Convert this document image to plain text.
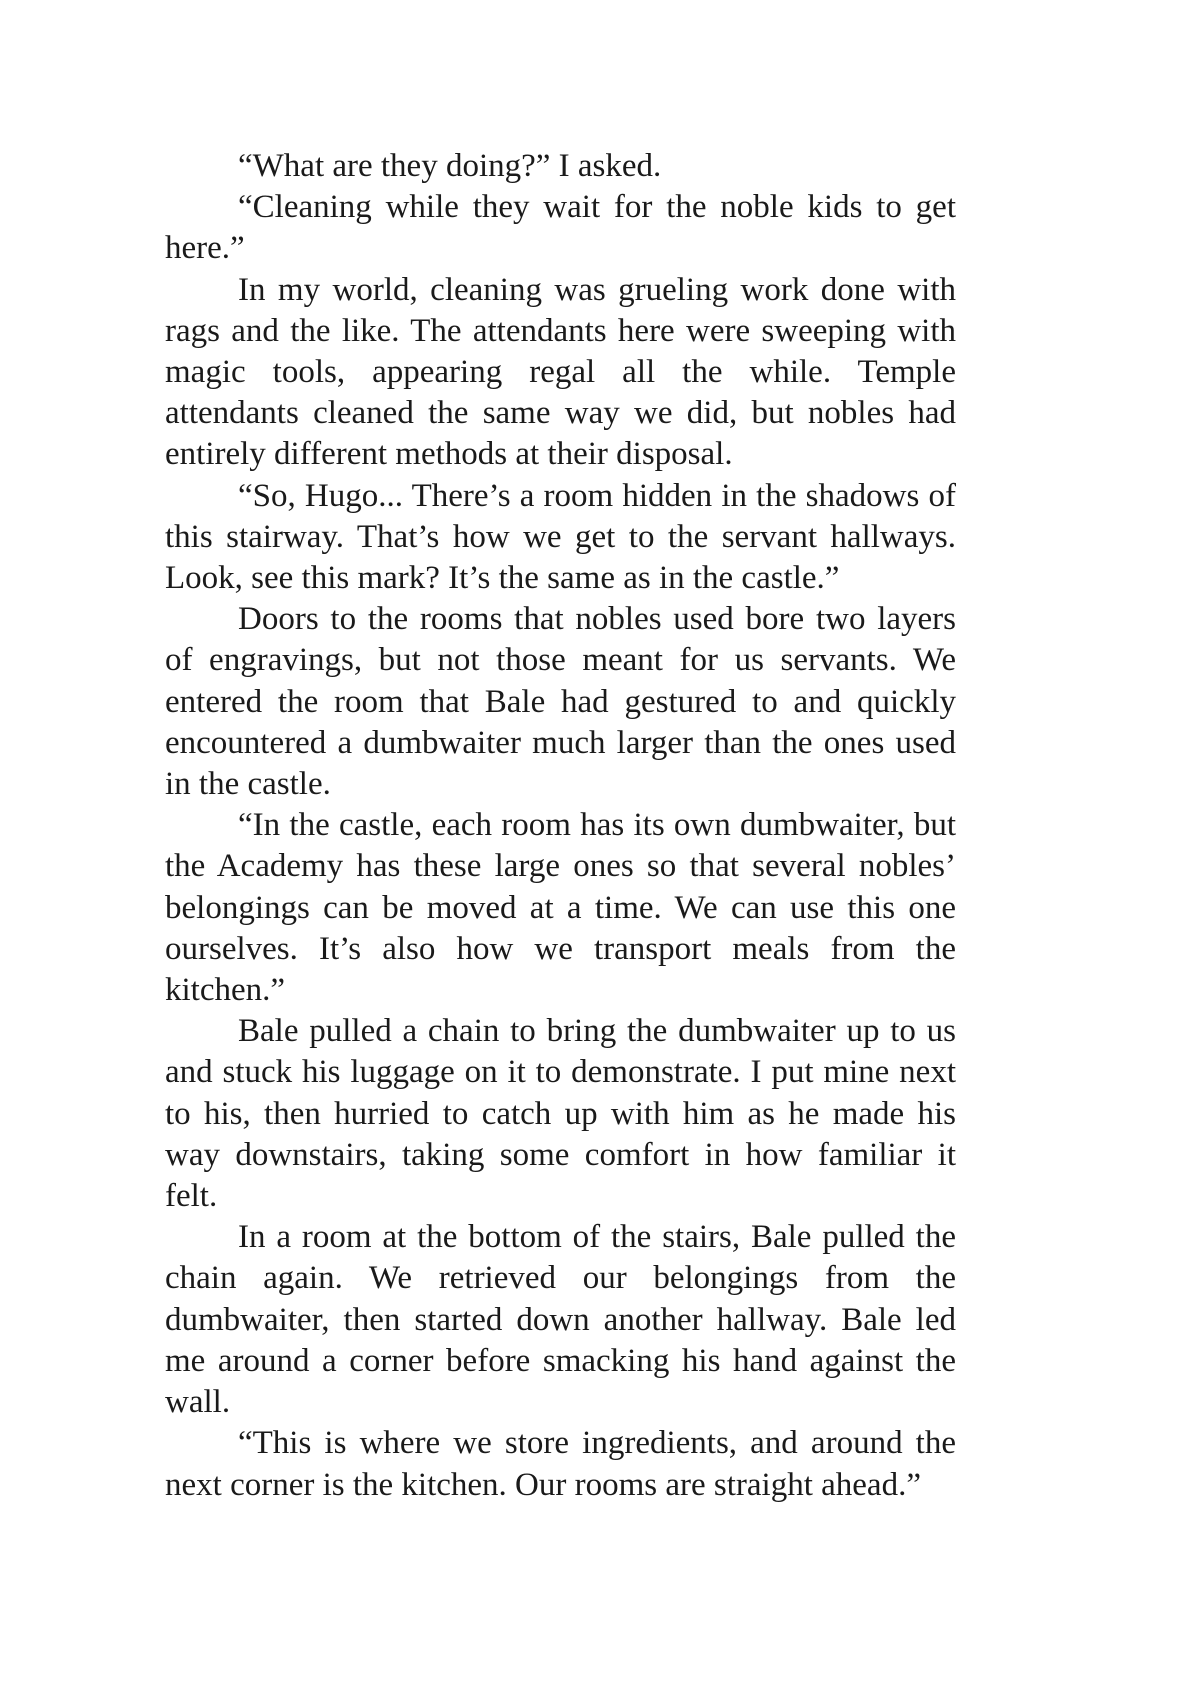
“What are they doing?” I asked.

“Cleaning while they wait for the noble kids to get here.”

In my world, cleaning was grueling work done with rags and the like. The attendants here were sweeping with magic tools, appearing regal all the while. Temple attendants cleaned the same way we did, but nobles had entirely different methods at their disposal.

“So, Hugo... There’s a room hidden in the shadows of this stairway. That’s how we get to the servant hallways. Look, see this mark? It’s the same as in the castle.”

Doors to the rooms that nobles used bore two layers of engravings, but not those meant for us servants. We entered the room that Bale had gestured to and quickly encountered a dumbwaiter much larger than the ones used in the castle.

“In the castle, each room has its own dumbwaiter, but the Academy has these large ones so that several nobles’ belongings can be moved at a time. We can use this one ourselves. It’s also how we transport meals from the kitchen.”

Bale pulled a chain to bring the dumbwaiter up to us and stuck his luggage on it to demonstrate. I put mine next to his, then hurried to catch up with him as he made his way downstairs, taking some comfort in how familiar it felt.

In a room at the bottom of the stairs, Bale pulled the chain again. We retrieved our belongings from the dumbwaiter, then started down another hallway. Bale led me around a corner before smacking his hand against the wall.

“This is where we store ingredients, and around the next corner is the kitchen. Our rooms are straight ahead.”
